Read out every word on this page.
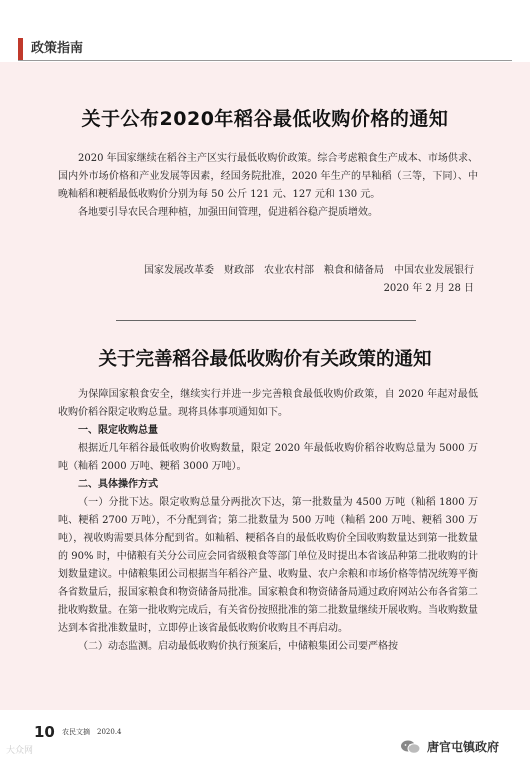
政策指南
关于公布2020年稻谷最低收购价格的通知

2020 年国家继续在稻谷主产区实行最低收购价政策。综合考虑粮食生产成本、市场供求、国内外市场价格和产业发展等因素，经国务院批准，2020 年生产的早籼稻（三等，下同）、中晚籼稻和粳稻最低收购价分别为每 50 公斤 121 元、127 元和 130 元。

各地要引导农民合理种植，加强田间管理，促进稻谷稳产提质增效。

国家发展改革委　财政部　农业农村部　粮食和储备局　中国农业发展银行
2020 年 2 月 28 日
关于完善稻谷最低收购价有关政策的通知

为保障国家粮食安全，继续实行并进一步完善粮食最低收购价政策，自 2020 年起对最低收购价稻谷限定收购总量。现将具体事项通知如下。

一、限定收购总量

根据近几年稻谷最低收购价收购数量，限定 2020 年最低收购价稻谷收购总量为 5000 万吨（籼稻 2000 万吨、粳稻 3000 万吨）。

二、具体操作方式

（一）分批下达。限定收购总量分两批次下达，第一批数量为 4500 万吨（籼稻 1800 万吨、粳稻 2700 万吨），不分配到省；第二批数量为 500 万吨（籼稻 200 万吨、粳稻 300 万吨），视收购需要具体分配到省。如籼稻、粳稻各自的最低收购价全国收购数量达到第一批数量的 90% 时，中储粮有关分公司应会同省级粮食等部门单位及时提出本省该品种第二批收购的计划数量建议。中储粮集团公司根据当年稻谷产量、收购量、农户余粮和市场价格等情况统筹平衡各省数量后，报国家粮食和物资储备局批准。国家粮食和物资储备局通过政府网站公布各省第二批收购数量。在第一批收购完成后，有关省份按照批准的第二批数量继续开展收购。当收购数量达到本省批准数量时，立即停止该省最低收购价收购且不再启动。

（二）动态监测。启动最低收购价执行预案后，中储粮集团公司要严格按

10 农民文摘　2020.4
大众网	唐官屯镇政府
